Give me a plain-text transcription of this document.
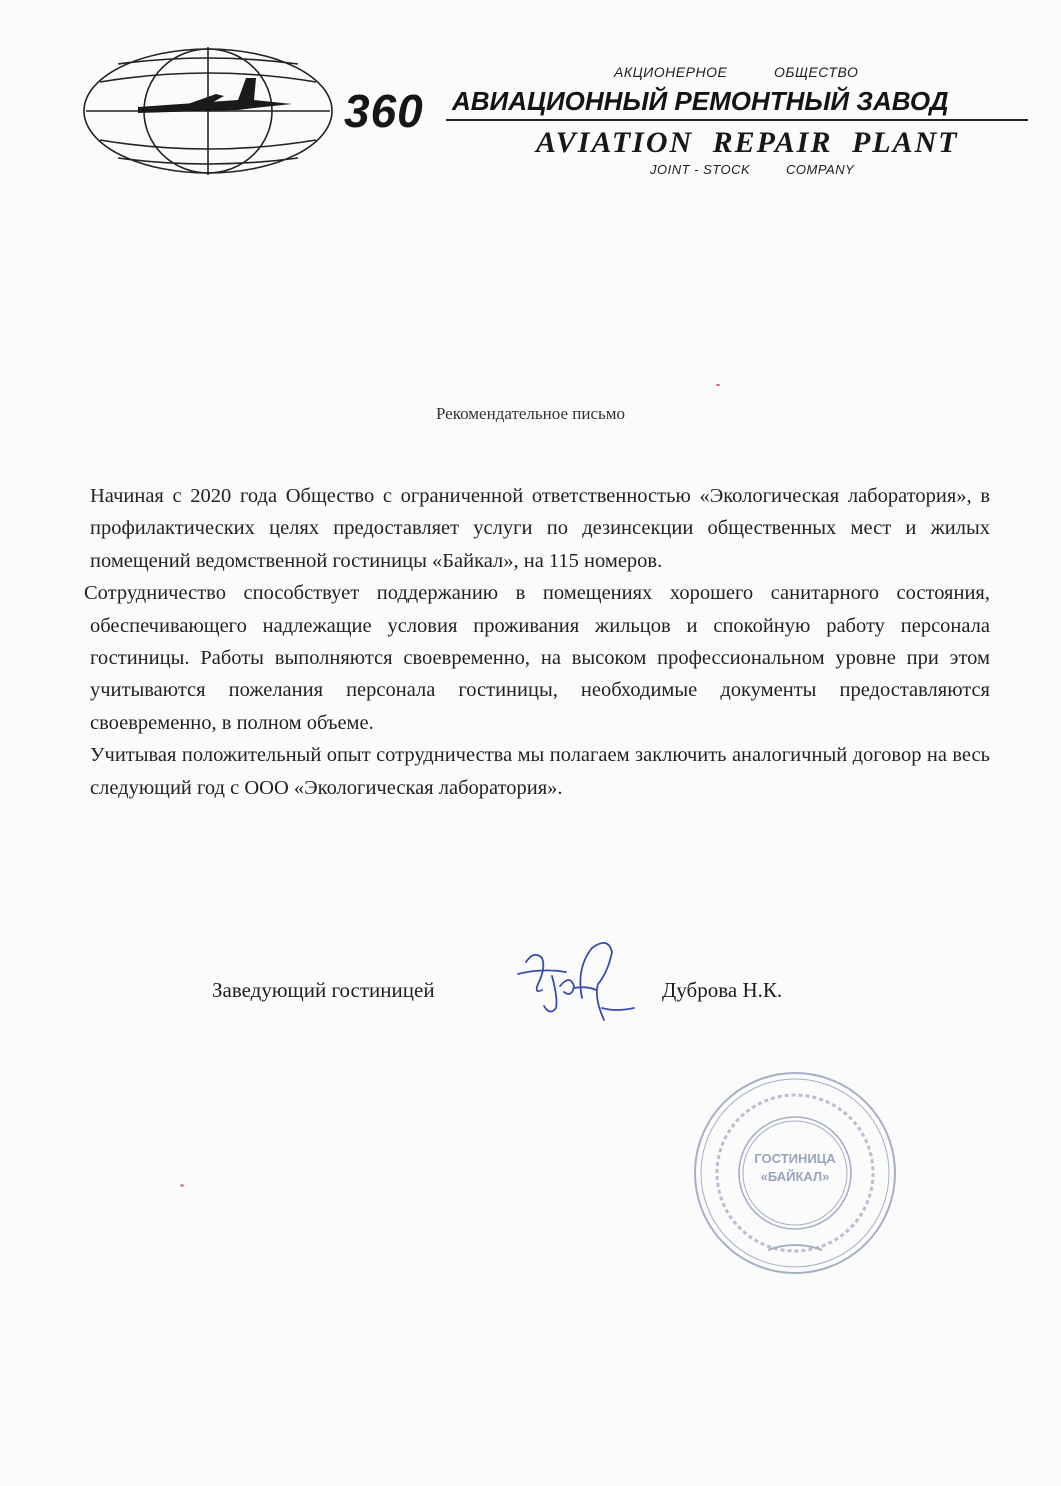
360
АКЦИОНЕРНОЕ	ОБЩЕСТВО
АВИАЦИОННЫЙ РЕМОНТНЫЙ ЗАВОД
AVIATION REPAIR PLANT
JOINT - STOCK	COMPANY
Рекомендательное письмо

Начиная с 2020 года Общество с ограниченной ответственностью «Экологическая лаборатория», в профилактических целях предоставляет услуги по дезинсекции общественных мест и жилых помещений ведомственной гостиницы «Байкал», на 115 номеров.

Сотрудничество способствует поддержанию в помещениях хорошего санитарного состояния, обеспечивающего надлежащие условия проживания жильцов и спокойную работу персонала гостиницы. Работы выполняются своевременно, на высоком профессиональном уровне при этом учитываются пожелания персонала гостиницы, необходимые документы предоставляются своевременно, в полном объеме.

Учитывая положительный опыт сотрудничества мы полагаем заключить аналогичный договор на весь следующий год с ООО «Экологическая лаборатория».

Заведующий гостиницей	Дуброва Н.К.
ГОСТИНИЦА
«БАЙКАЛ»
